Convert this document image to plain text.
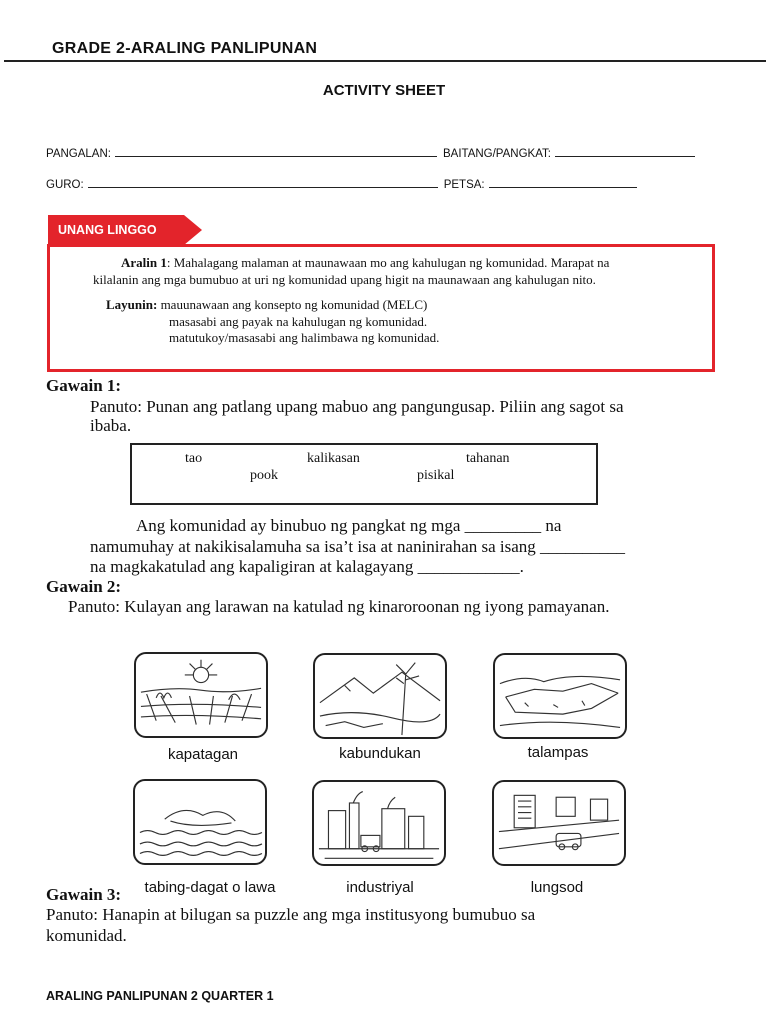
GRADE 2-ARALING PANLIPUNAN
ACTIVITY SHEET
PANGALAN:	BAITANG/PANGKAT:
GURO:	PETSA:
UNANG LINGGO
Aralin 1: Mahalagang malaman at maunawaan mo ang kahulugan ng komunidad. Marapat na
kilalanin ang mga bumubuo at uri ng komunidad upang higit na maunawaan ang kahulugan nito.
Layunin: mauunawaan ang konsepto ng komunidad (MELC)
masasabi ang payak na kahulugan ng komunidad.
matutukoy/masasabi ang halimbawa ng komunidad.
Gawain 1:
Panuto: Punan ang patlang upang mabuo ang pangungusap. Piliin ang sagot sa
ibaba.
tao	kalikasan	tahanan
pook	pisikal
Ang komunidad ay binubuo ng pangkat ng mga _________ na
namumuhay at nakikisalamuha sa isa’t isa at naninirahan sa isang __________
na magkakatulad ang kapaligiran at kalagayang ____________.
Gawain 2:
Panuto: Kulayan ang larawan na katulad ng kinaroroonan ng iyong pamayanan.
kapatagan	kabundukan	talampas
tabing-dagat o lawa	industriyal	lungsod
Gawain 3:
Panuto: Hanapin at bilugan sa puzzle ang mga institusyong bumubuo sa
komunidad.
ARALING PANLIPUNAN 2 QUARTER 1
